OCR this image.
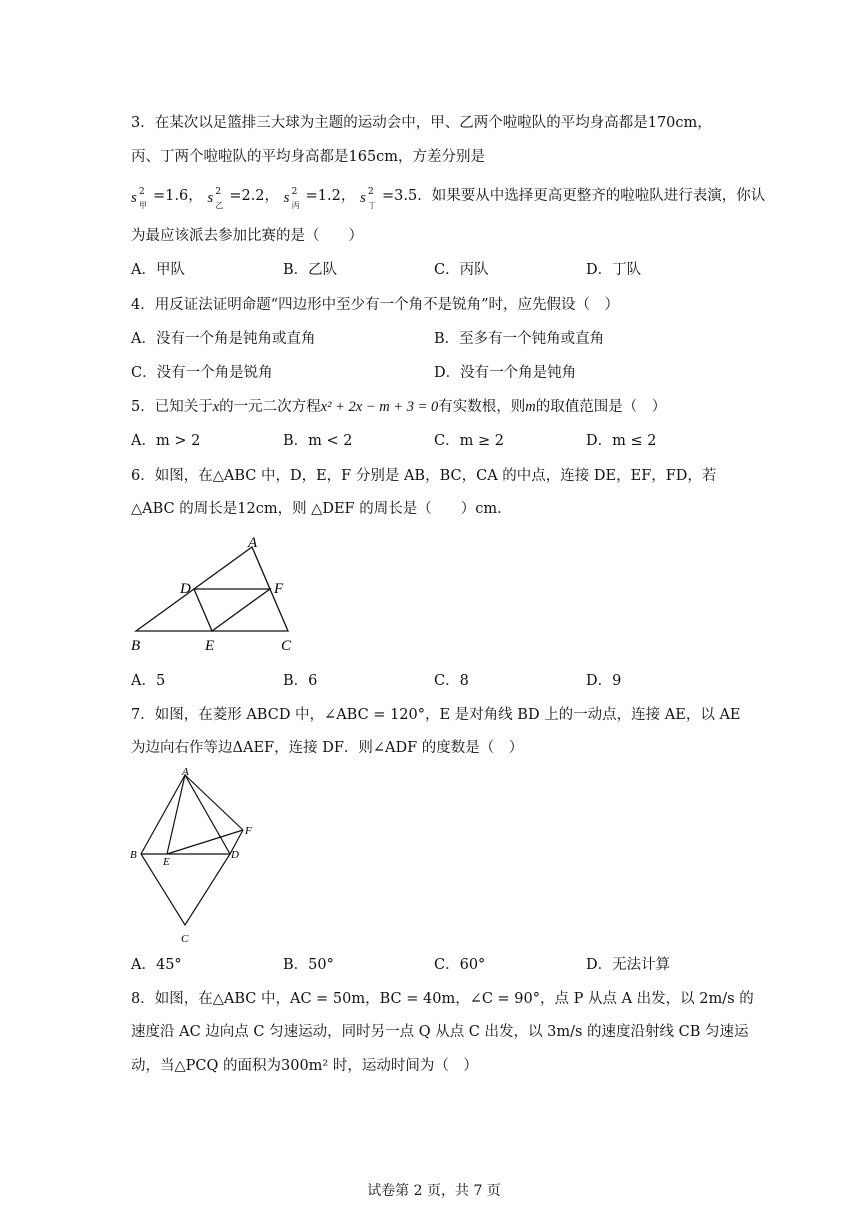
3．在某次以足篮排三大球为主题的运动会中，甲、乙两个啦啦队的平均身高都是170cm，
丙、丁两个啦啦队的平均身高都是165cm，方差分别是
s 2
甲
=1.6， s 2
乙
=2.2， s 2
丙
=1.2， s 2
丁
=3.5．如果要从中选择更高更整齐的啦啦队进行表演，你认
为最应该派去参加比赛的是（　　）
A．甲队	B．乙队	C．丙队	D．丁队
4．用反证法证明命题“四边形中至少有一个角不是锐角”时，应先假设（　）
A．没有一个角是钝角或直角	B．至多有一个钝角或直角
C．没有一个角是锐角	D．没有一个角是钝角
5．已知关于x的一元二次方程x² + 2x − m + 3 = 0有实数根，则m的取值范围是（　）
A．m > 2	B．m < 2	C．m ≥ 2	D．m ≤ 2
6．如图，在△ABC 中，D，E，F 分别是 AB，BC，CA 的中点，连接 DE，EF，FD，若
△ABC 的周长是12cm，则 △DEF 的周长是（　　）cm．
A
B	C
D
E
F
A．5	B．6	C．8	D．9
7．如图，在菱形 ABCD 中，∠ABC = 120°，E 是对角线 BD 上的一动点，连接 AE，以 AE
为边向右作等边ΔAEF，连接 DF．则∠ADF 的度数是（　）
A
B
C
D
E
F
A．45°	B．50°	C．60°	D．无法计算
8．如图，在△ABC 中，AC = 50m，BC = 40m，∠C = 90°，点 P 从点 A 出发，以 2m/s 的
速度沿 AC 边向点 C 匀速运动，同时另一点 Q 从点 C 出发，以 3m/s 的速度沿射线 CB 匀速运
动，当△PCQ 的面积为300m² 时，运动时间为（　）
试卷第 2 页，共 7 页
